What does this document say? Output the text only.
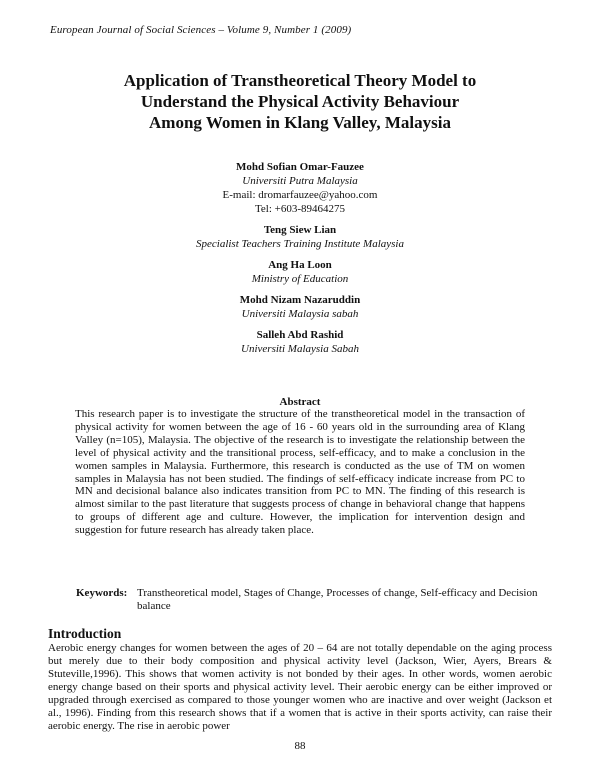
European Journal of Social Sciences – Volume 9, Number 1 (2009)
Application of Transtheoretical Theory Model to
Understand the Physical Activity Behaviour
Among Women in Klang Valley, Malaysia
Mohd Sofian Omar-Fauzee
Universiti Putra Malaysia
E-mail: dromarfauzee@yahoo.com
Tel: +603-89464275
Teng Siew Lian
Specialist Teachers Training Institute Malaysia
Ang Ha Loon
Ministry of Education
Mohd Nizam Nazaruddin
Universiti Malaysia sabah
Salleh Abd Rashid
Universiti Malaysia Sabah
Abstract
This research paper is to investigate the structure of the transtheoretical model in the transaction of physical activity for women between the age of 16 - 60 years old in the surrounding area of Klang Valley (n=105), Malaysia. The objective of the research is to investigate the relationship between the level of physical activity and the transitional process, self-efficacy, and to make a conclusion in the women samples in Malaysia. Furthermore, this research is conducted as the use of TM on women samples in Malaysia has not been studied. The findings of self-efficacy indicate increase from PC to MN and decisional balance also indicates transition from PC to MN. The finding of this research is almost similar to the past literature that suggests process of change in behavioral change that happens to groups of different age and culture. However, the implication for intervention design and suggestion for future research has already taken place.
Keywords: Transtheoretical model, Stages of Change, Processes of change, Self-efficacy and Decision balance
Introduction
Aerobic energy changes for women between the ages of 20 – 64 are not totally dependable on the aging process but merely due to their body composition and physical activity level (Jackson, Wier, Ayers, Brears & Stuteville,1996). This shows that women activity is not bonded by their ages. In other words, women aerobic energy change based on their sports and physical activity level. Their aerobic energy can be either improved or upgraded through exercised as compared to those younger women who are inactive and over weight (Jackson et al., 1996). Finding from this research shows that if a women that is active in their sports activity, can raise their aerobic energy. The rise in aerobic power
88
